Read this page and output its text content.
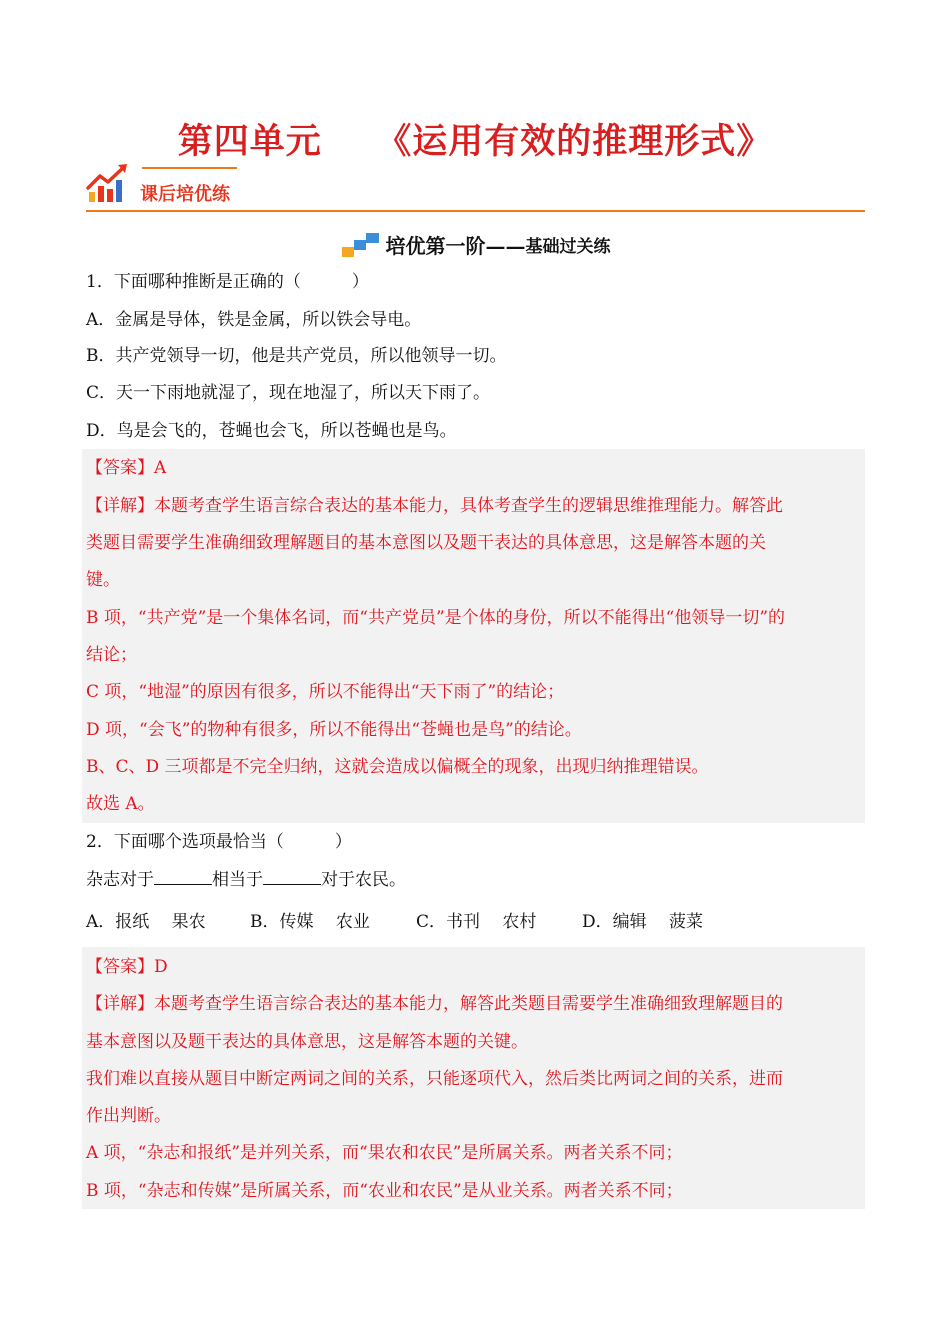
第四单元　　《运用有效的推理形式》
课后培优练
培优第一阶—— 基础过关练
1．下面哪种推断是正确的（　　　）
A．金属是导体，铁是金属，所以铁会导电。
B．共产党领导一切，他是共产党员，所以他领导一切。
C．天一下雨地就湿了，现在地湿了，所以天下雨了。
D．鸟是会飞的，苍蝇也会飞，所以苍蝇也是鸟。
【答案】A
【详解】本题考查学生语言综合表达的基本能力，具体考查学生的逻辑思维推理能力。解答此
类题目需要学生准确细致理解题目的基本意图以及题干表达的具体意思，这是解答本题的关
键。
B 项，“共产党”是一个集体名词，而“共产党员”是个体的身份，所以不能得出“他领导一切”的
结论；
C 项，“地湿”的原因有很多，所以不能得出“天下雨了”的结论；
D 项，“会飞”的物种有很多，所以不能得出“苍蝇也是鸟”的结论。
B、C、D 三项都是不完全归纳，这就会造成以偏概全的现象，出现归纳推理错误。
故选 A。
2．下面哪个选项最恰当（　　　）
杂志对于	相当于	对于农民。
A．报纸　 果农	B．传媒　 农业	C．书刊　 农村	D．编辑　 菠菜
【答案】D
【详解】本题考查学生语言综合表达的基本能力，解答此类题目需要学生准确细致理解题目的
基本意图以及题干表达的具体意思，这是解答本题的关键。
我们难以直接从题目中断定两词之间的关系，只能逐项代入，然后类比两词之间的关系，进而
作出判断。
A 项，“杂志和报纸”是并列关系，而“果农和农民”是所属关系。两者关系不同；
B 项，“杂志和传媒”是所属关系，而“农业和农民”是从业关系。两者关系不同；
